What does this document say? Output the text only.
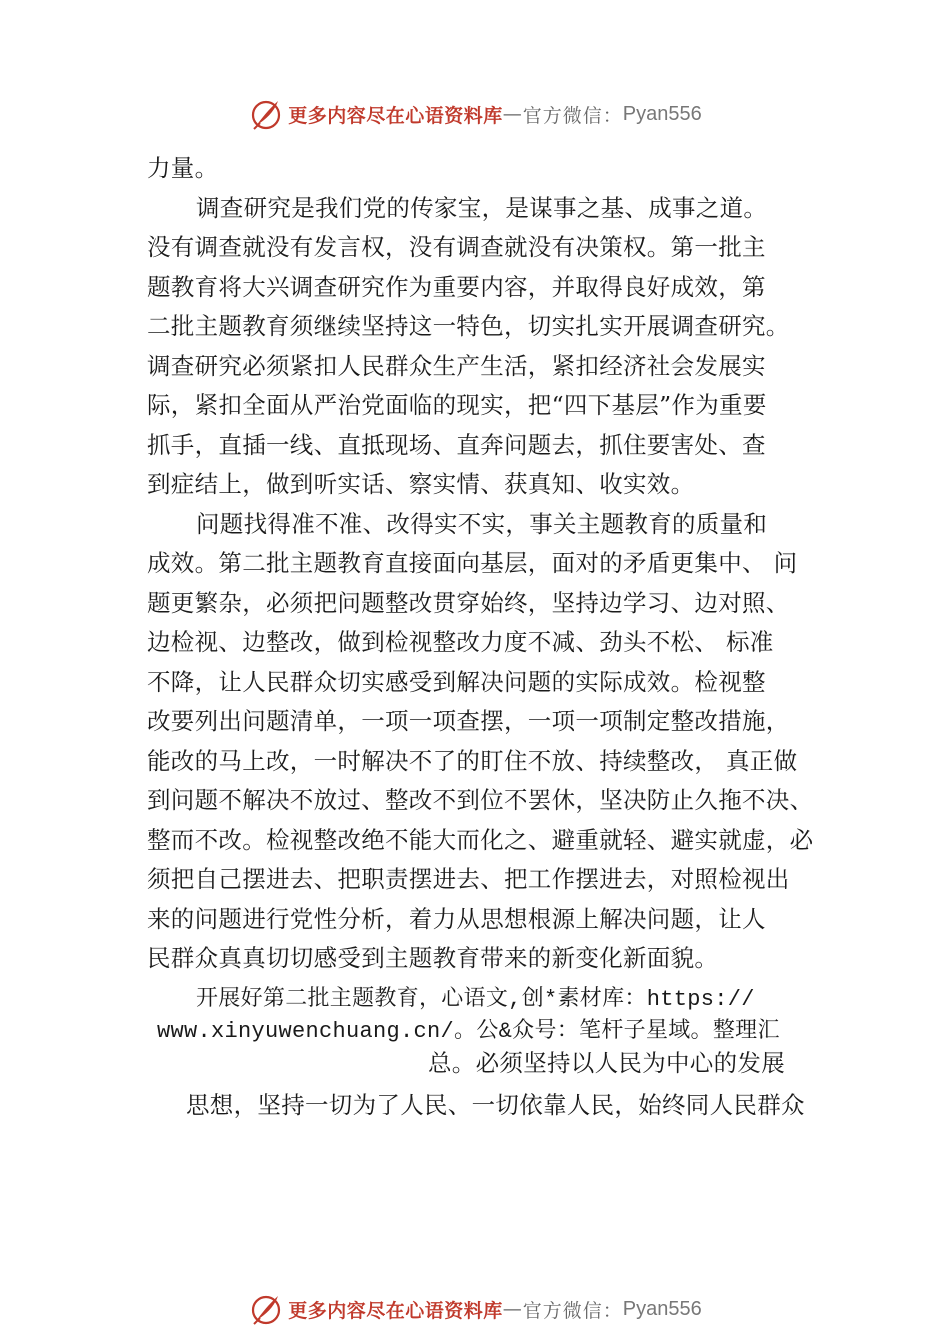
更多内容尽在心语资料库 — 官方微信： Pyan556
力量。
调查研究是我们党的传家宝，是谋事之基、成事之道。
没有调查就没有发言权，没有调查就没有决策权。第一批主
题教育将大兴调查研究作为重要内容，并取得良好成效，第
二批主题教育须继续坚持这一特色，切实扎实开展调查研究。
调查研究必须紧扣人民群众生产生活，紧扣经济社会发展实
际，紧扣全面从严治党面临的现实，把“四下基层”作为重要
抓手，直插一线、直抵现场、直奔问题去，抓住要害处、查
到症结上，做到听实话、察实情、获真知、收实效。
问题找得准不准、改得实不实，事关主题教育的质量和
成效。第二批主题教育直接面向基层，面对的矛盾更集中、 问
题更繁杂，必须把问题整改贯穿始终，坚持边学习、边对照、
边检视、边整改，做到检视整改力度不减、劲头不松、 标准
不降，让人民群众切实感受到解决问题的实际成效。检视整
改要列出问题清单，一项一项查摆，一项一项制定整改措施，
能改的马上改，一时解决不了的盯住不放、持续整改， 真正做
到问题不解决不放过、整改不到位不罢休，坚决防止久拖不决、
整而不改。检视整改绝不能大而化之、避重就轻、避实就虚，必
须把自己摆进去、把职责摆进去、把工作摆进去，对照检视出
来的问题进行党性分析，着力从思想根源上解决问题，让人
民群众真真切切感受到主题教育带来的新变化新面貌。
开展好第二批主题教育，心语文,创*素材库：https://
www.xinyuwenchuang.cn/。公&众号：笔杆子星域。整理汇
总。必须坚持以人民为中心的发展
思想，坚持一切为了人民、一切依靠人民，始终同人民群众
更多内容尽在心语资料库 — 官方微信： Pyan556
